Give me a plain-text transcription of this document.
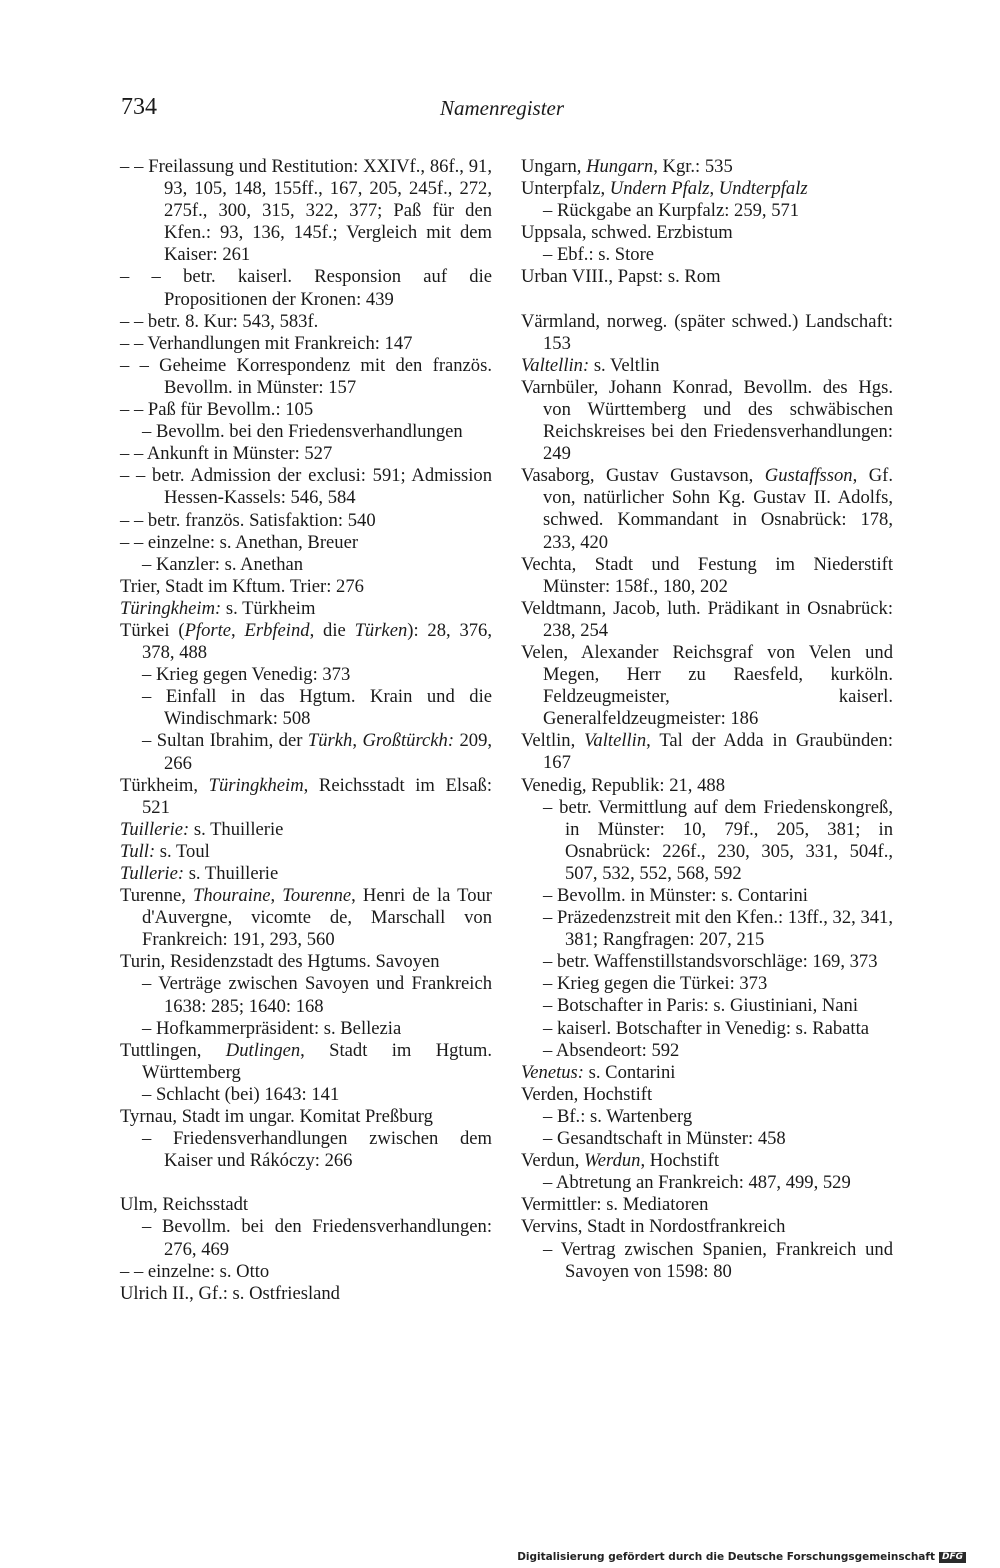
734	Namenregister

– – Freilassung und Restitution: XXIVf., 86f., 91, 93, 105, 148, 155ff., 167, 205, 245f., 272, 275f., 300, 315, 322, 377; Paß für den Kfen.: 93, 136, 145f.; Vergleich mit dem Kaiser: 261

– – betr. kaiserl. Responsion auf die Propositionen der Kronen: 439

– – betr. 8. Kur: 543, 583f.

– – Verhandlungen mit Frankreich: 147

– – Geheime Korrespondenz mit den französ. Bevollm. in Münster: 157

– – Paß für Bevollm.: 105

– Bevollm. bei den Friedensverhandlungen

– – Ankunft in Münster: 527

– – betr. Admission der exclusi: 591; Admission Hessen-Kassels: 546, 584

– – betr. französ. Satisfaktion: 540

– – einzelne: s. Anethan, Breuer

– Kanzler: s. Anethan

Trier, Stadt im Kftum. Trier: 276

Türingkheim: s. Türkheim

Türkei (Pforte, Erbfeind, die Türken): 28, 376, 378, 488

– Krieg gegen Venedig: 373

– Einfall in das Hgtum. Krain und die Windischmark: 508

– Sultan Ibrahim, der Türkh, Großtürckh: 209, 266

Türkheim, Türingkheim, Reichsstadt im Elsaß: 521

Tuillerie: s. Thuillerie

Tull: s. Toul

Tullerie: s. Thuillerie

Turenne, Thouraine, Tourenne, Henri de la Tour d'Auvergne, vicomte de, Marschall von Frankreich: 191, 293, 560

Turin, Residenzstadt des Hgtums. Savoyen

– Verträge zwischen Savoyen und Frankreich 1638: 285; 1640: 168

– Hofkammerpräsident: s. Bellezia

Tuttlingen, Dutlingen, Stadt im Hgtum. Württemberg

– Schlacht (bei) 1643: 141

Tyrnau, Stadt im ungar. Komitat Preßburg

– Friedensverhandlungen zwischen dem Kaiser und Rákóczy: 266

Ulm, Reichsstadt

– Bevollm. bei den Friedensverhandlungen: 276, 469

– – einzelne: s. Otto

Ulrich II., Gf.: s. Ostfriesland

Ungarn, Hungarn, Kgr.: 535

Unterpfalz, Undern Pfalz, Undterpfalz

– Rückgabe an Kurpfalz: 259, 571

Uppsala, schwed. Erzbistum

– Ebf.: s. Store

Urban VIII., Papst: s. Rom

Värmland, norweg. (später schwed.) Landschaft: 153

Valtellin: s. Veltlin

Varnbüler, Johann Konrad, Bevollm. des Hgs. von Württemberg und des schwäbischen Reichskreises bei den Friedensverhandlungen: 249

Vasaborg, Gustav Gustavson, Gustaffsson, Gf. von, natürlicher Sohn Kg. Gustav II. Adolfs, schwed. Kommandant in Osnabrück: 178, 233, 420

Vechta, Stadt und Festung im Niederstift Münster: 158f., 180, 202

Veldtmann, Jacob, luth. Prädikant in Osnabrück: 238, 254

Velen, Alexander Reichsgraf von Velen und Megen, Herr zu Raesfeld, kurköln. Feldzeugmeister, kaiserl. Generalfeldzeugmeister: 186

Veltlin, Valtellin, Tal der Adda in Graubünden: 167

Venedig, Republik: 21, 488

– betr. Vermittlung auf dem Friedenskongreß, in Münster: 10, 79f., 205, 381; in Osnabrück: 226f., 230, 305, 331, 504f., 507, 532, 552, 568, 592

– Bevollm. in Münster: s. Contarini

– Präzedenzstreit mit den Kfen.: 13ff., 32, 341, 381; Rangfragen: 207, 215

– betr. Waffenstillstandsvorschläge: 169, 373

– Krieg gegen die Türkei: 373

– Botschafter in Paris: s. Giustiniani, Nani

– kaiserl. Botschafter in Venedig: s. Rabatta

– Absendeort: 592

Venetus: s. Contarini

Verden, Hochstift

– Bf.: s. Wartenberg

– Gesandtschaft in Münster: 458

Verdun, Werdun, Hochstift

– Abtretung an Frankreich: 487, 499, 529

Vermittler: s. Mediatoren

Vervins, Stadt in Nordostfrankreich

– Vertrag zwischen Spanien, Frankreich und Savoyen von 1598: 80

Digitalisierung gefördert durch die Deutsche Forschungsgemeinschaft DFG
